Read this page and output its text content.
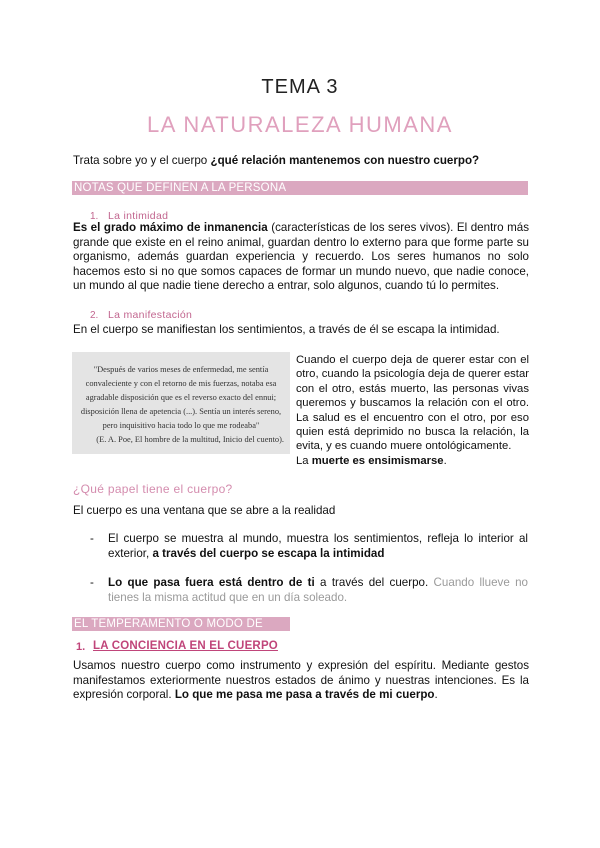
TEMA 3
LA NATURALEZA HUMANA
Trata sobre yo y el cuerpo ¿qué relación mantenemos con nuestro cuerpo?
NOTAS QUE DEFINEN A LA PERSONA
1. La intimidad
Es el grado máximo de inmanencia (características de los seres vivos). El dentro más grande que existe en el reino animal, guardan dentro lo externo para que forme parte su organismo, además guardan experiencia y recuerdo. Los seres humanos no solo hacemos esto si no que somos capaces de formar un mundo nuevo, que nadie conoce, un mundo al que nadie tiene derecho a entrar, solo algunos, cuando tú lo permites.
2. La manifestación
En el cuerpo se manifiestan los sentimientos, a través de él se escapa la intimidad.
"Después de varios meses de enfermedad, me sentía convaleciente y con el retorno de mis fuerzas, notaba esa agradable disposición que es el reverso exacto del ennui; disposición llena de apetencia (...). Sentía un interés sereno, pero inquisitivo hacia todo lo que me rodeaba"
(E. A. Poe, El hombre de la multitud, Inicio del cuento).
Cuando el cuerpo deja de querer estar con el otro, cuando la psicología deja de querer estar con el otro, estás muerto, las personas vivas queremos y buscamos la relación con el otro. La salud es el encuentro con el otro, por eso quien está deprimido no busca la relación, la evita, y es cuando muere ontológicamente.
La muerte es ensimismarse.
¿Qué papel tiene el cuerpo?
El cuerpo es una ventana que se abre a la realidad
- El cuerpo se muestra al mundo, muestra los sentimientos, refleja lo interior al exterior, a través del cuerpo se escapa la intimidad
- Lo que pasa fuera está dentro de ti a través del cuerpo. Cuando llueve no tienes la misma actitud que en un día soleado.
EL TEMPERAMENTO O MODO DE SER
1. LA CONCIENCIA EN EL CUERPO
Usamos nuestro cuerpo como instrumento y expresión del espíritu. Mediante gestos manifestamos exteriormente nuestros estados de ánimo y nuestras intenciones. Es la expresión corporal. Lo que me pasa me pasa a través de mi cuerpo.
